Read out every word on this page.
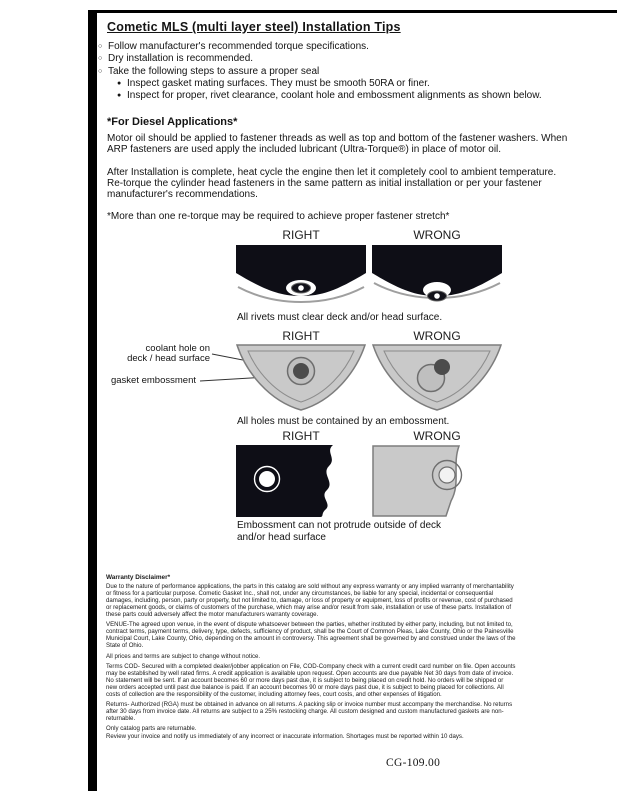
Cometic MLS (multi layer steel) Installation Tips
○ Follow manufacturer's recommended torque specifications.
○ Dry installation is recommended.
○ Take the following steps to assure a proper seal
● Inspect gasket mating surfaces. They must be smooth 50RA or finer.
● Inspect for proper, rivet clearance, coolant hole and embossment alignments as shown below.
*For Diesel Applications*
Motor oil should be applied to fastener threads as well as top and bottom of the fastener washers. When ARP fasteners are used apply the included lubricant (Ultra-Torque®) in place of motor oil.
After Installation is complete, heat cycle the engine then let it completely cool to ambient temperature. Re-torque the cylinder head fasteners in the same pattern as initial installation or per your fastener manufacturer's recommendations.
*More than one re-torque may be required to achieve proper fastener stretch*
RIGHT	WRONG
All rivets must clear deck and/or head surface.
RIGHT	WRONG
coolant hole on
deck / head surface
gasket embossment
All holes must be contained by an embossment.
RIGHT	WRONG
Embossment can not protrude outside of deck and/or head surface
Warranty Disclaimer*

Due to the nature of performance applications, the parts in this catalog are sold without any express warranty or any implied warranty of merchantability or fitness for a particular purpose. Cometic Gasket Inc., shall not, under any circumstances, be liable for any special, incidental or consequential damages, including, person, party or property, but not limited to, damage, or loss of property or equipment, loss of profits or revenue, cost of purchased or replacement goods, or claims of customers of the purchase, which may arise and/or result from sale, installation or use of these parts. Installation of these parts could adversely affect the motor manufacturers warranty coverage.

VENUE-The agreed upon venue, in the event of dispute whatsoever between the parties, whether instituted by either party, including, but not limited to, contract terms, payment terms, delivery, type, defects, sufficiency of product, shall be the Court of Common Pleas, Lake County, Ohio or the Painesville Municipal Court, Lake County, Ohio, depending on the amount in controversy. This agreement shall be governed by and construed under the laws of the State of Ohio.

All prices and terms are subject to change without notice.

Terms COD- Secured with a completed dealer/jobber application on File, COD-Company check with a current credit card number on file. Open accounts may be established by well rated firms. A credit application is available upon request. Open accounts are due payable Net 30 days from date of invoice. No statement will be sent. If an account becomes 60 or more days past due, it is subject to being placed on credit hold. No orders will be shipped or new orders accepted until past due balance is paid. If an account becomes 90 or more days past due, it is subject to being placed for collections. All costs of collection are the responsibility of the customer, including attorney fees, court costs, and other expenses of litigation.

Returns- Authorized (RGA) must be obtained in advance on all returns. A packing slip or invoice number must accompany the merchandise. No returns after 30 days from invoice date. All returns are subject to a 25% restocking charge. All custom designed and custom manufactured gaskets are non-returnable.

Only catalog parts are returnable.

Review your invoice and notify us immediately of any incorrect or inaccurate information. Shortages must be reported within 10 days.

CG-109.00
